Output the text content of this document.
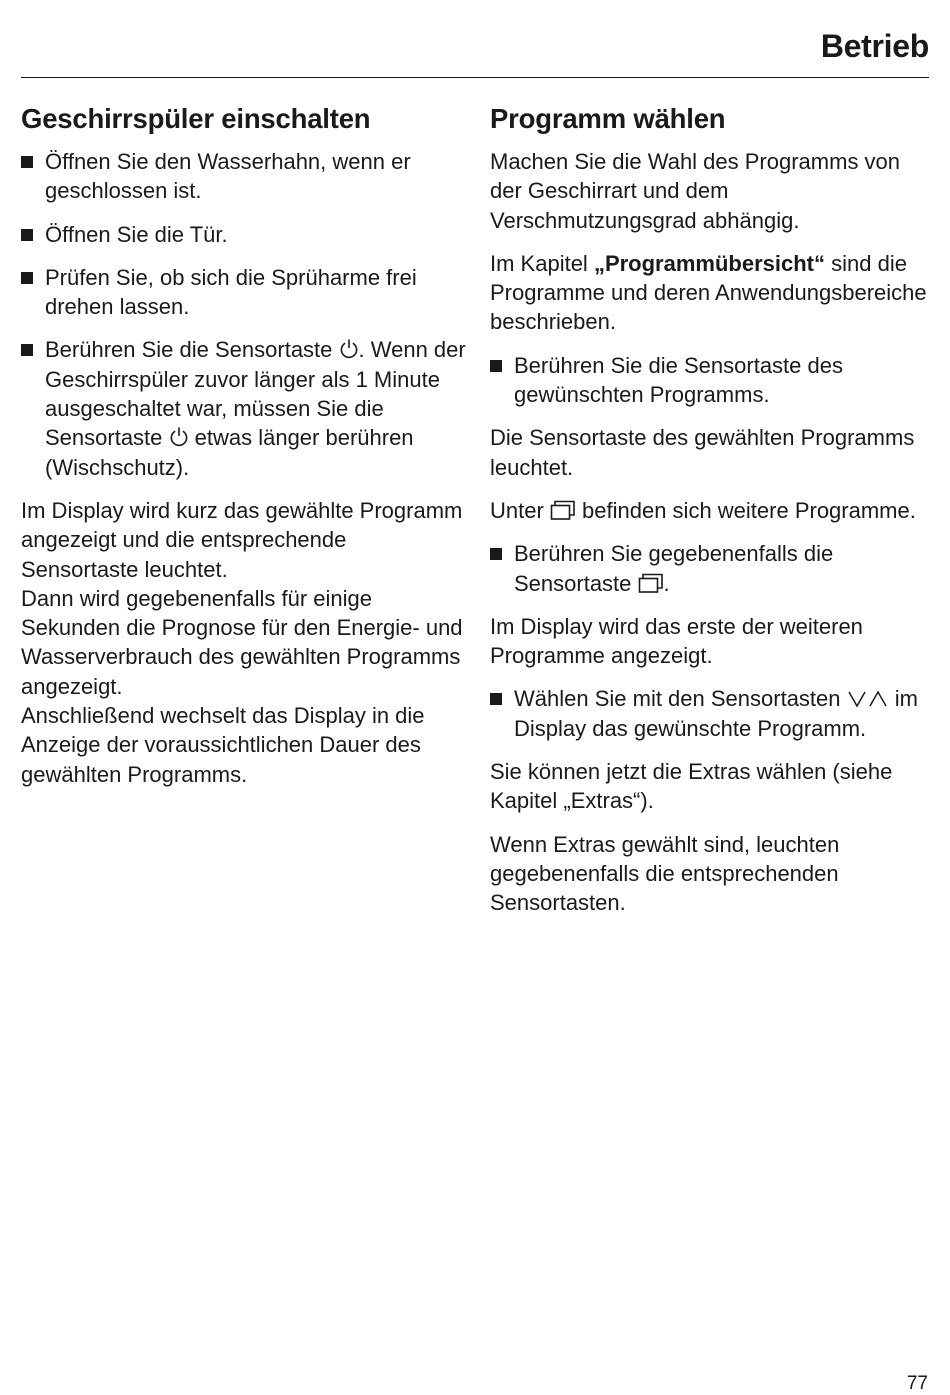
Betrieb
Geschirrspüler einschalten
Öffnen Sie den Wasserhahn, wenn er geschlossen ist.
Öffnen Sie die Tür.
Prüfen Sie, ob sich die Sprüharme frei drehen lassen.
Berühren Sie die Sensortaste
. Wenn der Geschirrspüler zuvor länger als 1 Minute ausgeschaltet war, müssen Sie die Sensortaste
etwas länger berühren (Wischschutz).

Im Display wird kurz das gewählte Programm angezeigt und die entsprechende Sensortaste leuchtet.

Dann wird gegebenenfalls für einige Sekunden die Prognose für den Energie- und Wasserverbrauch des gewählten Programms angezeigt.

Anschließend wechselt das Display in die Anzeige der voraussichtlichen Dauer des gewählten Programms.

Programm wählen

Machen Sie die Wahl des Programms von der Geschirrart und dem Verschmutzungsgrad abhängig.

Im Kapitel „Programmübersicht“ sind die Programme und deren Anwendungsbereiche beschrieben.

Berühren Sie die Sensortaste des gewünschten Programms.

Die Sensortaste des gewählten Programms leuchtet.

Unter
befinden sich weitere Programme.

Berühren Sie gegebenenfalls die Sensortaste
.

Im Display wird das erste der weiteren Programme angezeigt.

Wählen Sie mit den Sensortasten
im Display das gewünschte Programm.

Sie können jetzt die Extras wählen (siehe Kapitel „Extras“).

Wenn Extras gewählt sind, leuchten gegebenenfalls die entsprechenden Sensortasten.

77
